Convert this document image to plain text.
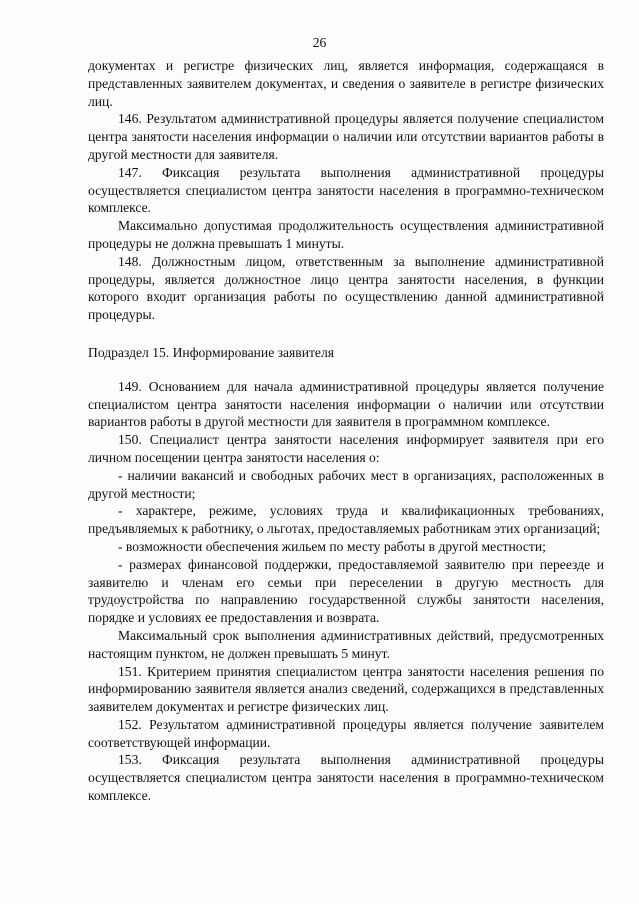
26

документах и регистре физических лиц, является информация, содержащаяся в представленных заявителем документах, и сведения о заявителе в регистре физических лиц.

146. Результатом административной процедуры является получение специалистом центра занятости населения информации о наличии или отсутствии вариантов работы в другой местности для заявителя.

147. Фиксация результата выполнения административной процедуры осуществляется специалистом центра занятости населения в программно-техническом комплексе.

Максимально допустимая продолжительность осуществления административной процедуры не должна превышать 1 минуты.

148. Должностным лицом, ответственным за выполнение административной процедуры, является должностное лицо центра занятости населения, в функции которого входит организация работы по осуществлению данной административной процедуры.

Подраздел 15. Информирование заявителя

149. Основанием для начала административной процедуры является получение специалистом центра занятости населения информации о наличии или отсутствии вариантов работы в другой местности для заявителя в программном комплексе.

150. Специалист центра занятости населения информирует заявителя при его личном посещении центра занятости населения о:

- наличии вакансий и свободных рабочих мест в организациях, расположенных в другой местности;

- характере, режиме, условиях труда и квалификационных требованиях, предъявляемых к работнику, о льготах, предоставляемых работникам этих организаций;

- возможности обеспечения жильем по месту работы в другой местности;

- размерах финансовой поддержки, предоставляемой заявителю при переезде и заявителю и членам его семьи при переселении в другую местность для трудоустройства по направлению государственной службы занятости населения, порядке и условиях ее предоставления и возврата.

Максимальный срок выполнения административных действий, предусмотренных настоящим пунктом, не должен превышать 5 минут.

151. Критерием принятия специалистом центра занятости населения решения по информированию заявителя является анализ сведений, содержащихся в представленных заявителем документах и регистре физических лиц.

152. Результатом административной процедуры является получение заявителем соответствующей информации.

153. Фиксация результата выполнения административной процедуры осуществляется специалистом центра занятости населения в программно-техническом комплексе.
